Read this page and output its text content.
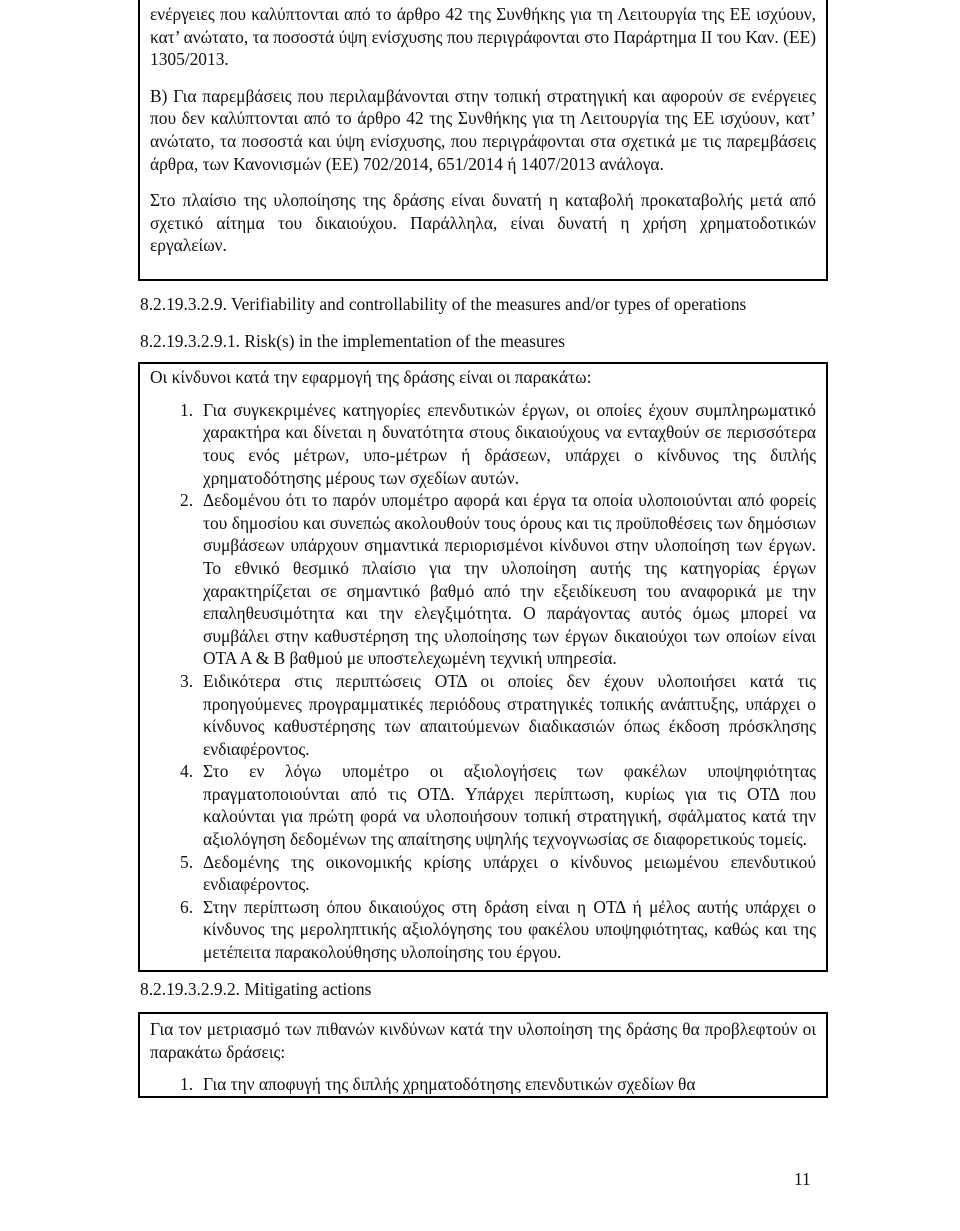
ενέργειες που καλύπτονται από το άρθρο 42 της Συνθήκης για τη Λειτουργία της ΕΕ ισχύουν, κατ’ ανώτατο, τα ποσοστά ύψη ενίσχυσης που περιγράφονται στο Παράρτημα ΙΙ του Καν. (ΕΕ) 1305/2013.

Β) Για παρεμβάσεις που περιλαμβάνονται στην τοπική στρατηγική και αφορούν σε ενέργειες που δεν καλύπτονται από το άρθρο 42 της Συνθήκης για τη Λειτουργία της ΕΕ ισχύουν, κατ’ ανώτατο, τα ποσοστά και ύψη ενίσχυσης, που περιγράφονται στα σχετικά με τις παρεμβάσεις άρθρα, των Κανονισμών (ΕΕ) 702/2014, 651/2014 ή 1407/2013 ανάλογα.

Στο πλαίσιο της υλοποίησης της δράσης είναι δυνατή η καταβολή προκαταβολής μετά από σχετικό αίτημα του δικαιούχου. Παράλληλα, είναι δυνατή η χρήση χρηματοδοτικών εργαλείων.

8.2.19.3.2.9. Verifiability and controllability of the measures and/or types of operations
8.2.19.3.2.9.1. Risk(s) in the implementation of the measures
Οι κίνδυνοι κατά την εφαρμογή της δράσης είναι οι παρακάτω:
1. Για συγκεκριμένες κατηγορίες επενδυτικών έργων, οι οποίες έχουν συμπληρωματικό χαρακτήρα και δίνεται η δυνατότητα στους δικαιούχους να ενταχθούν σε περισσότερα τους ενός μέτρων, υπο-μέτρων ή δράσεων, υπάρχει ο κίνδυνος της διπλής χρηματοδότησης μέρους των σχεδίων αυτών.
2. Δεδομένου ότι το παρόν υπομέτρο αφορά και έργα τα οποία υλοποιούνται από φορείς του δημοσίου και συνεπώς ακολουθούν τους όρους και τις προϋποθέσεις των δημόσιων συμβάσεων υπάρχουν σημαντικά περιορισμένοι κίνδυνοι στην υλοποίηση των έργων. Το εθνικό θεσμικό πλαίσιο για την υλοποίηση αυτής της κατηγορίας έργων χαρακτηρίζεται σε σημαντικό βαθμό από την εξειδίκευση του αναφορικά με την επαληθευσιμότητα και την ελεγξιμότητα. Ο παράγοντας αυτός όμως μπορεί να συμβάλει στην καθυστέρηση της υλοποίησης των έργων δικαιούχοι των οποίων είναι ΟΤΑ Α & Β βαθμού με υποστελεχωμένη τεχνική υπηρεσία.
3. Ειδικότερα στις περιπτώσεις ΟΤΔ οι οποίες δεν έχουν υλοποιήσει κατά τις προηγούμενες προγραμματικές περιόδους στρατηγικές τοπικής ανάπτυξης, υπάρχει ο κίνδυνος καθυστέρησης των απαιτούμενων διαδικασιών όπως έκδοση πρόσκλησης ενδιαφέροντος.
4. Στο εν λόγω υπομέτρο οι αξιολογήσεις των φακέλων υποψηφιότητας πραγματοποιούνται από τις ΟΤΔ. Υπάρχει περίπτωση, κυρίως για τις ΟΤΔ που καλούνται για πρώτη φορά να υλοποιήσουν τοπική στρατηγική, σφάλματος κατά την αξιολόγηση δεδομένων της απαίτησης υψηλής τεχνογνωσίας σε διαφορετικούς τομείς.
5. Δεδομένης της οικονομικής κρίσης υπάρχει ο κίνδυνος μειωμένου επενδυτικού ενδιαφέροντος.
6. Στην περίπτωση όπου δικαιούχος στη δράση είναι η ΟΤΔ ή μέλος αυτής υπάρχει ο κίνδυνος της μεροληπτικής αξιολόγησης του φακέλου υποψηφιότητας, καθώς και της μετέπειτα παρακολούθησης υλοποίησης του έργου.
8.2.19.3.2.9.2. Mitigating actions
Για τον μετριασμό των πιθανών κινδύνων κατά την υλοποίηση της δράσης θα προβλεφτούν οι παρακάτω δράσεις:
1. Για την αποφυγή της διπλής χρηματοδότησης επενδυτικών σχεδίων θα
11
